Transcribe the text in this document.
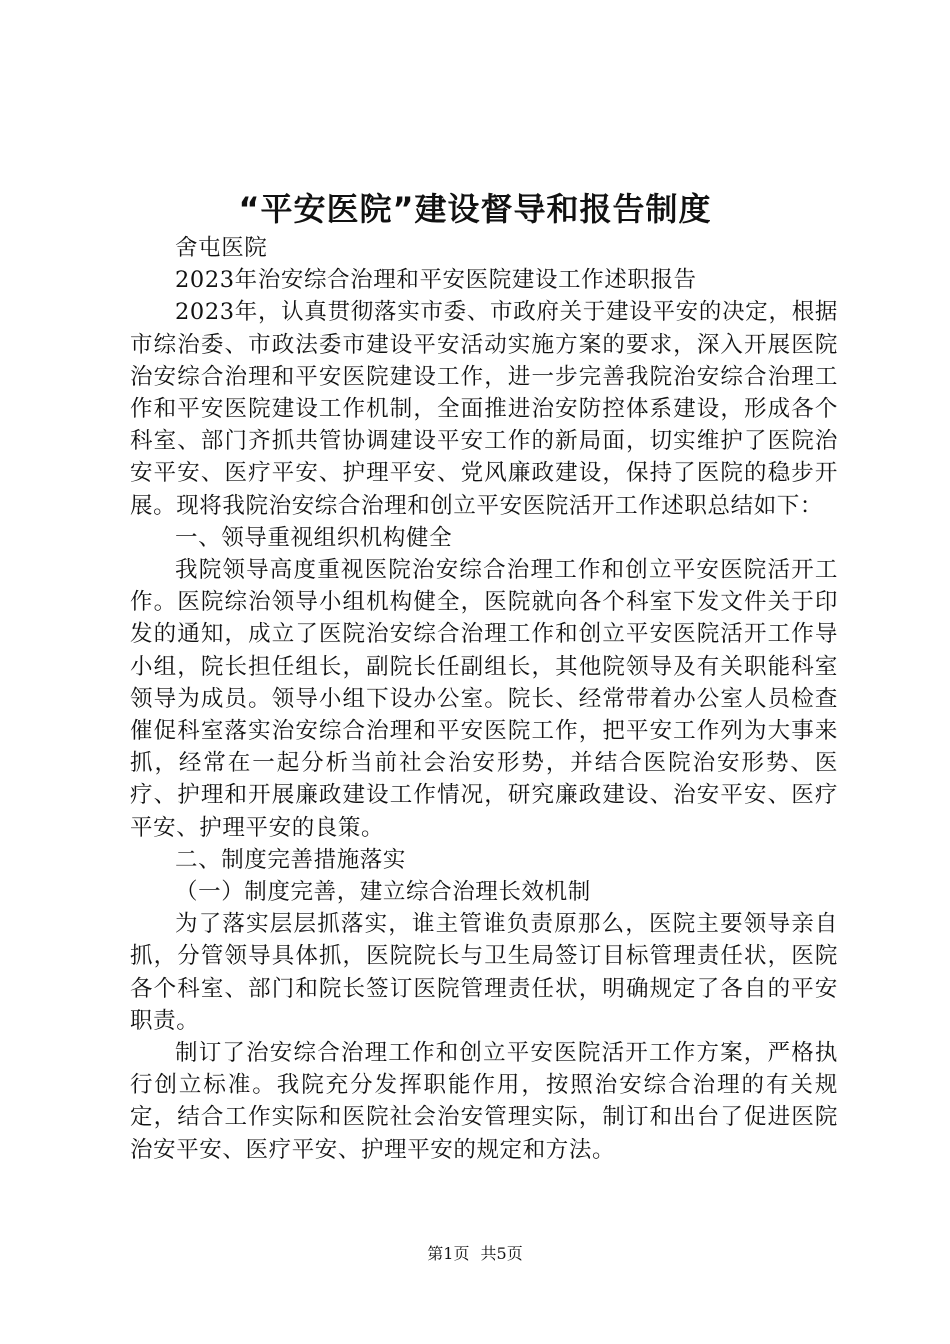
“平安医院”建设督导和报告制度

舍屯医院

2023年治安综合治理和平安医院建设工作述职报告

2023年，认真贯彻落实市委、市政府关于建设平安的决定，根据市综治委、市政法委市建设平安活动实施方案的要求，深入开展医院治安综合治理和平安医院建设工作，进一步完善我院治安综合治理工作和平安医院建设工作机制，全面推进治安防控体系建设，形成各个科室、部门齐抓共管协调建设平安工作的新局面，切实维护了医院治安平安、医疗平安、护理平安、党风廉政建设，保持了医院的稳步开展。现将我院治安综合治理和创立平安医院活开工作述职总结如下：

一、领导重视组织机构健全

我院领导高度重视医院治安综合治理工作和创立平安医院活开工作。医院综治领导小组机构健全，医院就向各个科室下发文件关于印发的通知，成立了医院治安综合治理工作和创立平安医院活开工作导小组，院长担任组长，副院长任副组长，其他院领导及有关职能科室领导为成员。领导小组下设办公室。院长、经常带着办公室人员检查催促科室落实治安综合治理和平安医院工作，把平安工作列为大事来抓，经常在一起分析当前社会治安形势，并结合医院治安形势、医疗、护理和开展廉政建设工作情况，研究廉政建设、治安平安、医疗平安、护理平安的良策。

二、制度完善措施落实

（一）制度完善，建立综合治理长效机制

为了落实层层抓落实，谁主管谁负责原那么，医院主要领导亲自抓，分管领导具体抓，医院院长与卫生局签订目标管理责任状，医院各个科室、部门和院长签订医院管理责任状，明确规定了各自的平安职责。

制订了治安综合治理工作和创立平安医院活开工作方案，严格执行创立标准。我院充分发挥职能作用，按照治安综合治理的有关规定，结合工作实际和医院社会治安管理实际，制订和出台了促进医院治安平安、医疗平安、护理平安的规定和方法。

第1页 共5页
